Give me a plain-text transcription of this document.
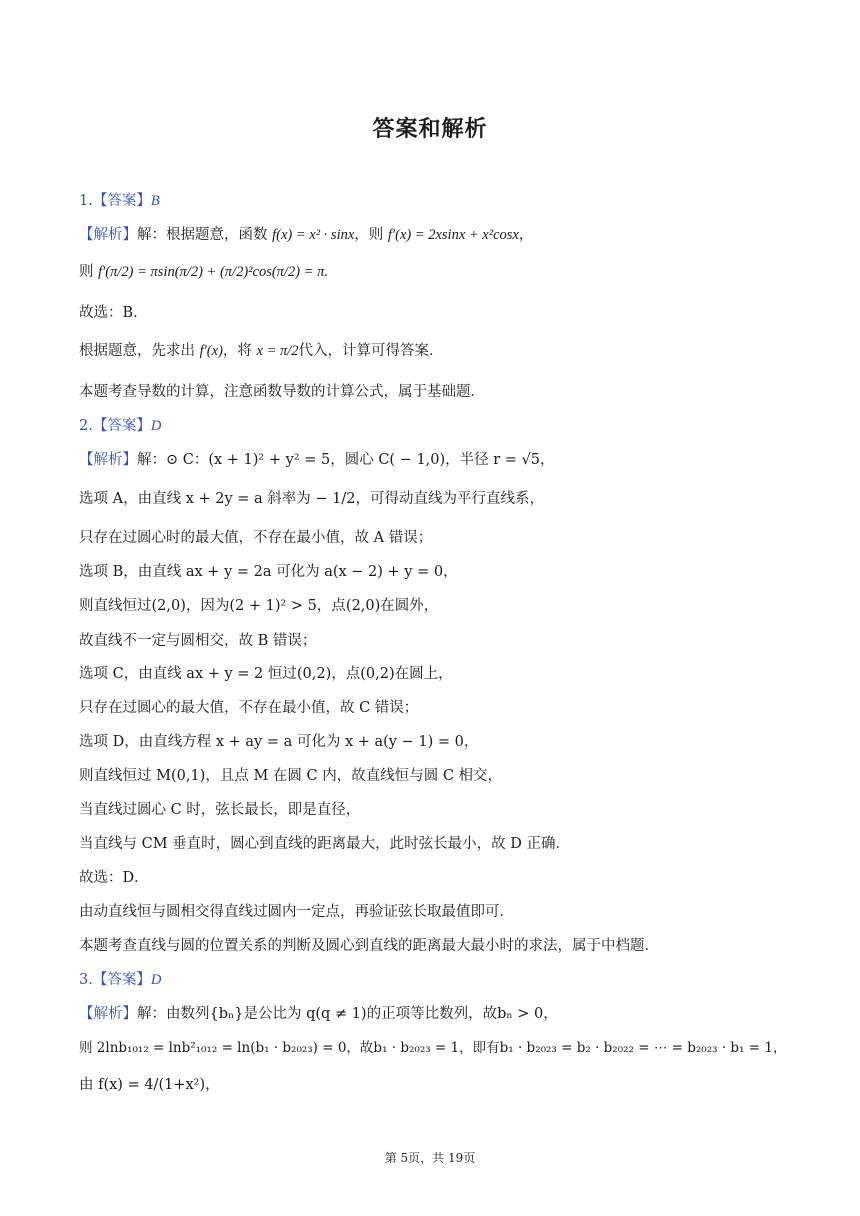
答案和解析
1.【答案】B
【解析】解：根据题意，函数 f(x) = x² · sinx，则 f′(x) = 2xsinx + x²cosx，
则 f′(π/2) = πsin(π/2) + (π/2)²cos(π/2) = π.
故选：B．
根据题意，先求出 f′(x)，将 x = π/2代入，计算可得答案．
本题考查导数的计算，注意函数导数的计算公式，属于基础题．
2.【答案】D
【解析】解：⊙ C：(x + 1)² + y² = 5，圆心 C( − 1,0)，半径 r = √5，
选项 A，由直线 x + 2y = a 斜率为 − 1/2，可得动直线为平行直线系，
只存在过圆心时的最大值，不存在最小值，故 A 错误；
选项 B，由直线 ax + y = 2a 可化为 a(x − 2) + y = 0，
则直线恒过(2,0)，因为(2 + 1)² > 5，点(2,0)在圆外，
故直线不一定与圆相交，故 B 错误；
选项 C，由直线 ax + y = 2 恒过(0,2)，点(0,2)在圆上，
只存在过圆心的最大值，不存在最小值，故 C 错误；
选项 D，由直线方程 x + ay = a 可化为 x + a(y − 1) = 0，
则直线恒过 M(0,1)，且点 M 在圆 C 内，故直线恒与圆 C 相交，
当直线过圆心 C 时，弦长最长，即是直径，
当直线与 CM 垂直时，圆心到直线的距离最大，此时弦长最小，故 D 正确．
故选：D．
由动直线恒与圆相交得直线过圆内一定点，再验证弦长取最值即可．
本题考查直线与圆的位置关系的判断及圆心到直线的距离最大最小时的求法，属于中档题．
3.【答案】D
【解析】解：由数列{bₙ}是公比为 q(q ≠ 1)的正项等比数列，故bₙ > 0，
则 2lnb₁₀₁₂ = lnb²₁₀₁₂ = ln(b₁ · b₂₀₂₃) = 0，故b₁ · b₂₀₂₃ = 1，即有b₁ · b₂₀₂₃ = b₂ · b₂₀₂₂ = ⋯ = b₂₀₂₃ · b₁ = 1，
由 f(x) = 4/(1+x²)，
第 5页，共 19页
